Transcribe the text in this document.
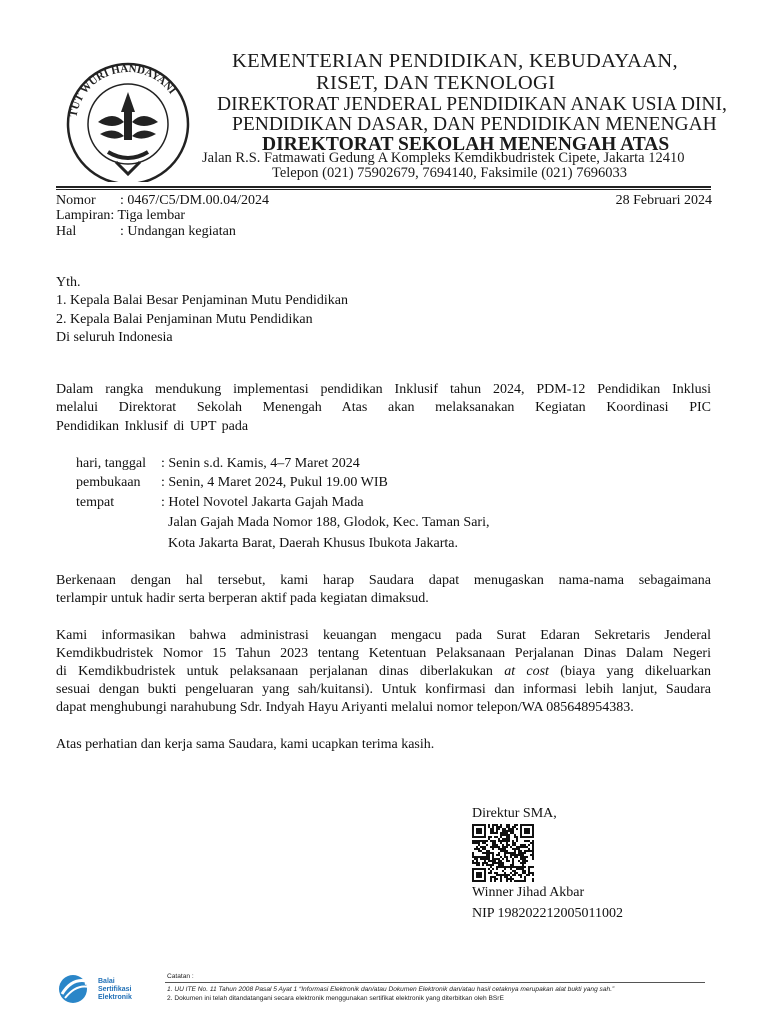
TUT WURI HANDAYANI
KEMENTERIAN PENDIDIKAN, KEBUDAYAAN,
RISET, DAN TEKNOLOGI
DIREKTORAT JENDERAL PENDIDIKAN ANAK USIA DINI,
PENDIDIKAN DASAR, DAN PENDIDIKAN MENENGAH
DIREKTORAT SEKOLAH MENENGAH ATAS
Jalan R.S. Fatmawati Gedung A Kompleks Kemdikbudristek Cipete, Jakarta 12410
Telepon (021) 75902679, 7694140, Faksimile (021) 7696033
Nomor : 0467/C5/DM.00.04/2024	28 Februari 2024
Lampiran: Tiga lembar
Hal	: Undangan kegiatan
Yth.
1. Kepala Balai Besar Penjaminan Mutu Pendidikan
2. Kepala Balai Penjaminan Mutu Pendidikan
Di seluruh Indonesia
Dalam rangka mendukung implementasi pendidikan Inklusif tahun 2024, PDM-12 Pendidikan Inklusi
melalui Direktorat Sekolah Menengah Atas akan melaksanakan Kegiatan Koordinasi PIC
Pendidikan Inklusif di UPT pada
hari, tanggal : Senin s.d. Kamis, 4–7 Maret 2024
pembukaan : Senin, 4 Maret 2024, Pukul 19.00 WIB
tempat	: Hotel Novotel Jakarta Gajah Mada
Jalan Gajah Mada Nomor 188, Glodok, Kec. Taman Sari,
Kota Jakarta Barat, Daerah Khusus Ibukota Jakarta.
Berkenaan dengan hal tersebut, kami harap Saudara dapat menugaskan nama-nama sebagaimana
terlampir untuk hadir serta berperan aktif pada kegiatan dimaksud.
Kami informasikan bahwa administrasi keuangan mengacu pada Surat Edaran Sekretaris Jenderal
Kemdikbudristek Nomor 15 Tahun 2023 tentang Ketentuan Pelaksanaan Perjalanan Dinas Dalam Negeri
di Kemdikbudristek untuk pelaksanaan perjalanan dinas diberlakukan at cost (biaya yang dikeluarkan
sesuai dengan bukti pengeluaran yang sah/kuitansi). Untuk konfirmasi dan informasi lebih lanjut, Saudara
dapat menghubungi narahubung Sdr. Indyah Hayu Ariyanti melalui nomor telepon/WA 085648954383.
Atas perhatian dan kerja sama Saudara, kami ucapkan terima kasih.
Direktur SMA,
Winner Jihad Akbar
NIP 198202212005011002
Balai
Sertifikasi
Elektronik
Catatan :
1. UU ITE No. 11 Tahun 2008 Pasal 5 Ayat 1 “Informasi Elektronik dan/atau Dokumen Elektronik dan/atau hasil cetaknya merupakan alat bukti yang sah.”
2. Dokumen ini telah ditandatangani secara elektronik menggunakan sertifikat elektronik yang diterbitkan oleh BSrE
